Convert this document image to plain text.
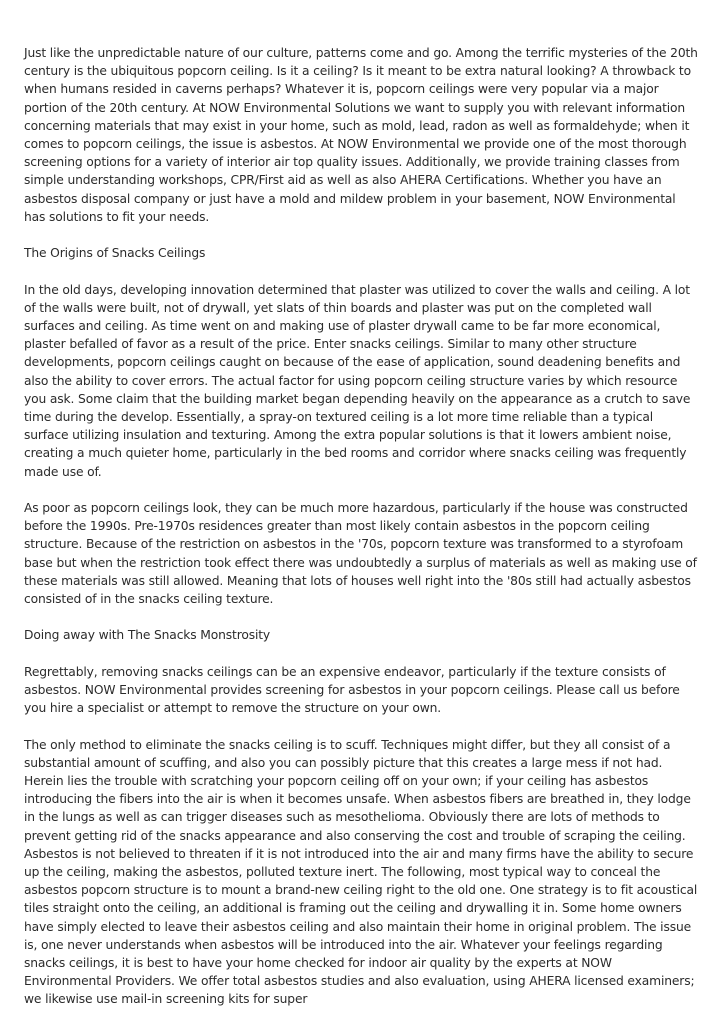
Just like the unpredictable nature of our culture, patterns come and go. Among the terrific mysteries of the 20th century is the ubiquitous popcorn ceiling. Is it a ceiling? Is it meant to be extra natural looking? A throwback to when humans resided in caverns perhaps? Whatever it is, popcorn ceilings were very popular via a major portion of the 20th century. At NOW Environmental Solutions we want to supply you with relevant information concerning materials that may exist in your home, such as mold, lead, radon as well as formaldehyde; when it comes to popcorn ceilings, the issue is asbestos. At NOW Environmental we provide one of the most thorough screening options for a variety of interior air top quality issues. Additionally, we provide training classes from simple understanding workshops, CPR/First aid as well as also AHERA Certifications. Whether you have an asbestos disposal company or just have a mold and mildew problem in your basement, NOW Environmental has solutions to fit your needs.

The Origins of Snacks Ceilings

In the old days, developing innovation determined that plaster was utilized to cover the walls and ceiling. A lot of the walls were built, not of drywall, yet slats of thin boards and plaster was put on the completed wall surfaces and ceiling. As time went on and making use of plaster drywall came to be far more economical, plaster befalled of favor as a result of the price. Enter snacks ceilings. Similar to many other structure developments, popcorn ceilings caught on because of the ease of application, sound deadening benefits and also the ability to cover errors. The actual factor for using popcorn ceiling structure varies by which resource you ask. Some claim that the building market began depending heavily on the appearance as a crutch to save time during the develop. Essentially, a spray-on textured ceiling is a lot more time reliable than a typical surface utilizing insulation and texturing. Among the extra popular solutions is that it lowers ambient noise, creating a much quieter home, particularly in the bed rooms and corridor where snacks ceiling was frequently made use of.

As poor as popcorn ceilings look, they can be much more hazardous, particularly if the house was constructed before the 1990s. Pre-1970s residences greater than most likely contain asbestos in the popcorn ceiling structure. Because of the restriction on asbestos in the '70s, popcorn texture was transformed to a styrofoam base but when the restriction took effect there was undoubtedly a surplus of materials as well as making use of these materials was still allowed. Meaning that lots of houses well right into the '80s still had actually asbestos consisted of in the snacks ceiling texture.

Doing away with The Snacks Monstrosity

Regrettably, removing snacks ceilings can be an expensive endeavor, particularly if the texture consists of asbestos. NOW Environmental provides screening for asbestos in your popcorn ceilings. Please call us before you hire a specialist or attempt to remove the structure on your own.

The only method to eliminate the snacks ceiling is to scuff. Techniques might differ, but they all consist of a substantial amount of scuffing, and also you can possibly picture that this creates a large mess if not had. Herein lies the trouble with scratching your popcorn ceiling off on your own; if your ceiling has asbestos introducing the fibers into the air is when it becomes unsafe. When asbestos fibers are breathed in, they lodge in the lungs as well as can trigger diseases such as mesothelioma. Obviously there are lots of methods to prevent getting rid of the snacks appearance and also conserving the cost and trouble of scraping the ceiling. Asbestos is not believed to threaten if it is not introduced into the air and many firms have the ability to secure up the ceiling, making the asbestos, polluted texture inert. The following, most typical way to conceal the asbestos popcorn structure is to mount a brand-new ceiling right to the old one. One strategy is to fit acoustical tiles straight onto the ceiling, an additional is framing out the ceiling and drywalling it in. Some home owners have simply elected to leave their asbestos ceiling and also maintain their home in original problem. The issue is, one never understands when asbestos will be introduced into the air. Whatever your feelings regarding snacks ceilings, it is best to have your home checked for indoor air quality by the experts at NOW Environmental Providers. We offer total asbestos studies and also evaluation, using AHERA licensed examiners; we likewise use mail-in screening kits for super
